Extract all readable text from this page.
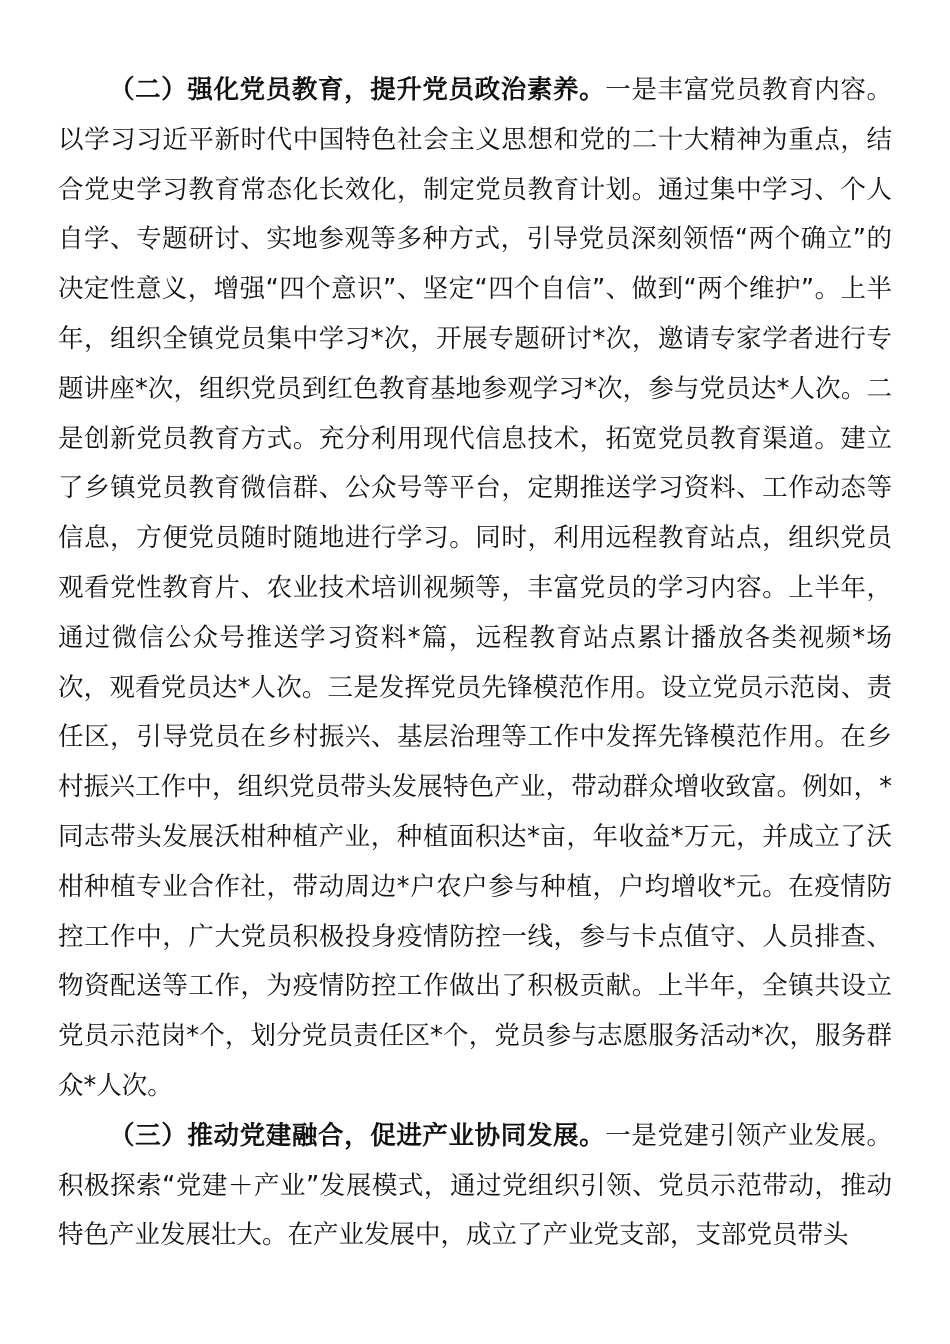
（二）强化党员教育，提升党员政治素养。一是丰富党员教育内容。以学习习近平新时代中国特色社会主义思想和党的二十大精神为重点，结合党史学习教育常态化长效化，制定党员教育计划。通过集中学习、个人自学、专题研讨、实地参观等多种方式，引导党员深刻领悟“两个确立”的决定性意义，增强“四个意识”、坚定“四个自信”、做到“两个维护”。上半年，组织全镇党员集中学习*次，开展专题研讨*次，邀请专家学者进行专题讲座*次，组织党员到红色教育基地参观学习*次，参与党员达*人次。二是创新党员教育方式。充分利用现代信息技术，拓宽党员教育渠道。建立了乡镇党员教育微信群、公众号等平台，定期推送学习资料、工作动态等信息，方便党员随时随地进行学习。同时，利用远程教育站点，组织党员观看党性教育片、农业技术培训视频等，丰富党员的学习内容。上半年，通过微信公众号推送学习资料*篇，远程教育站点累计播放各类视频*场次，观看党员达*人次。三是发挥党员先锋模范作用。设立党员示范岗、责任区，引导党员在乡村振兴、基层治理等工作中发挥先锋模范作用。在乡村振兴工作中，组织党员带头发展特色产业，带动群众增收致富。例如，*同志带头发展沃柑种植产业，种植面积达*亩，年收益*万元，并成立了沃柑种植专业合作社，带动周边*户农户参与种植，户均增收*元。在疫情防控工作中，广大党员积极投身疫情防控一线，参与卡点值守、人员排查、物资配送等工作，为疫情防控工作做出了积极贡献。上半年，全镇共设立党员示范岗*个，划分党员责任区*个，党员参与志愿服务活动*次，服务群众*人次。

（三）推动党建融合，促进产业协同发展。一是党建引领产业发展。积极探索“党建＋产业”发展模式，通过党组织引领、党员示范带动，推动特色产业发展壮大。在产业发展中，成立了产业党支部，支部党员带头
